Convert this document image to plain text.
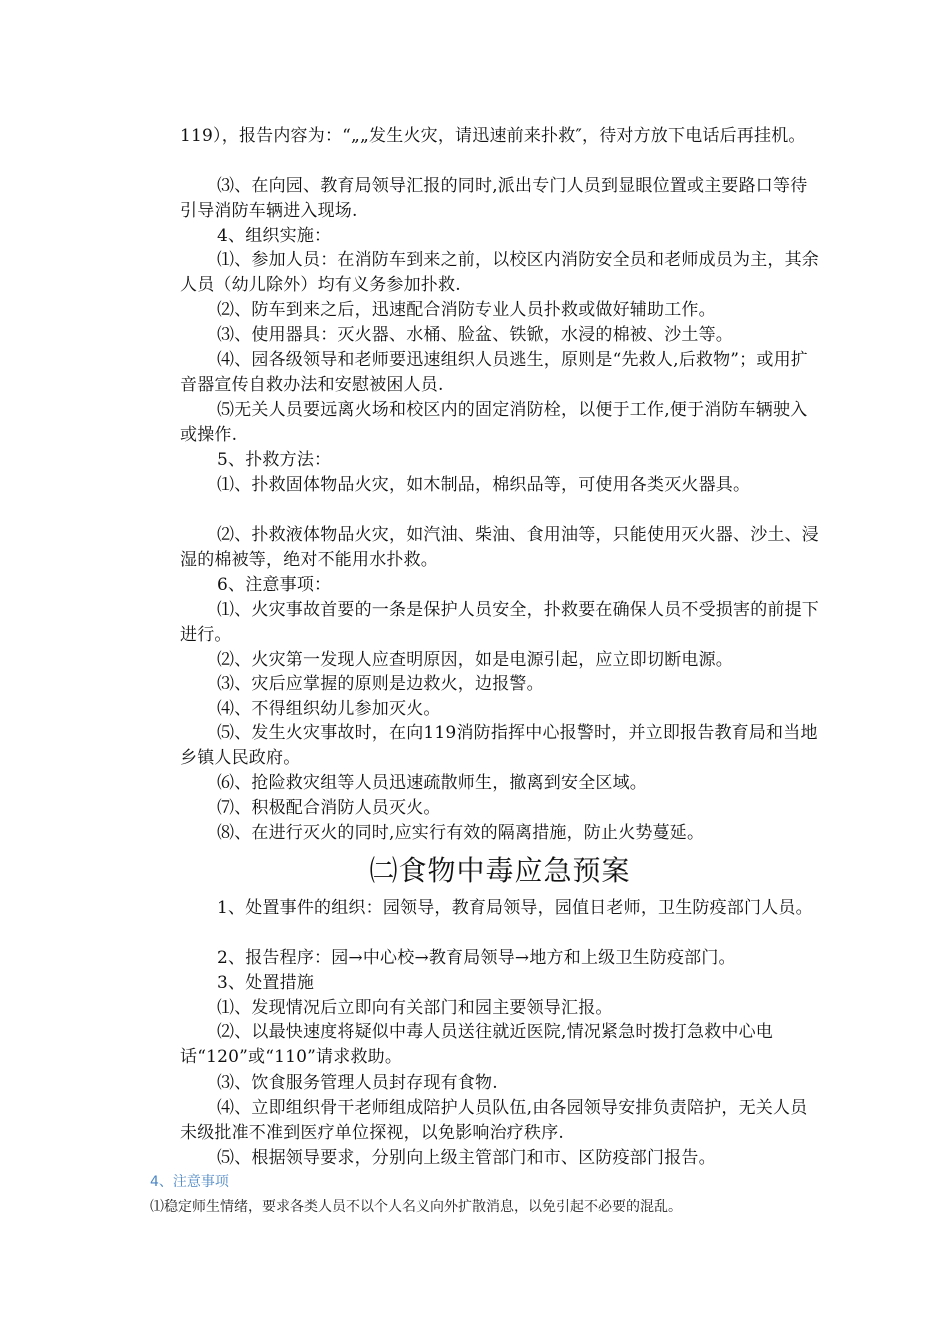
119），报告内容为：“„„发生火灾，请迅速前来扑救″，待对方放下电话后再挂机。
⑶、在向园、教育局领导汇报的同时,派出专门人员到显眼位置或主要路口等待引导消防车辆进入现场.
4、组织实施：
⑴、参加人员：在消防车到来之前，以校区内消防安全员和老师成员为主，其余人员（幼儿除外）均有义务参加扑救.
⑵、防车到来之后，迅速配合消防专业人员扑救或做好辅助工作。
⑶、使用器具：灭火器、水桶、脸盆、铁锨，水浸的棉被、沙土等。
⑷、园各级领导和老师要迅速组织人员逃生，原则是“先救人,后救物”；或用扩音器宣传自救办法和安慰被困人员.
⑸无关人员要远离火场和校区内的固定消防栓，以便于工作,便于消防车辆驶入或操作.
5、扑救方法：
⑴、扑救固体物品火灾，如木制品，棉织品等，可使用各类灭火器具。
⑵、扑救液体物品火灾，如汽油、柴油、食用油等，只能使用灭火器、沙土、浸湿的棉被等，绝对不能用水扑救。
6、注意事项：
⑴、火灾事故首要的一条是保护人员安全，扑救要在确保人员不受损害的前提下进行。
⑵、火灾第一发现人应查明原因，如是电源引起，应立即切断电源。
⑶、灾后应掌握的原则是边救火，边报警。
⑷、不得组织幼儿参加灭火。
⑸、发生火灾事故时，在向119消防指挥中心报警时，并立即报告教育局和当地乡镇人民政府。
⑹、抢险救灾组等人员迅速疏散师生，撤离到安全区域。
⑺、积极配合消防人员灭火。
⑻、在进行灭火的同时,应实行有效的隔离措施，防止火势蔓延。
㈡食物中毒应急预案
1、处置事件的组织：园领导，教育局领导，园值日老师，卫生防疫部门人员。
2、报告程序：园→中心校→教育局领导→地方和上级卫生防疫部门。
3、处置措施
⑴、发现情况后立即向有关部门和园主要领导汇报。
⑵、以最快速度将疑似中毒人员送往就近医院,情况紧急时拨打急救中心电话“120”或“110”请求救助。
⑶、饮食服务管理人员封存现有食物.
⑷、立即组织骨干老师组成陪护人员队伍,由各园领导安排负责陪护，无关人员未级批准不准到医疗单位探视，以免影响治疗秩序.
⑸、根据领导要求，分别向上级主管部门和市、区防疫部门报告。
4、注意事项
⑴稳定师生情绪，要求各类人员不以个人名义向外扩散消息，以免引起不必要的混乱。
